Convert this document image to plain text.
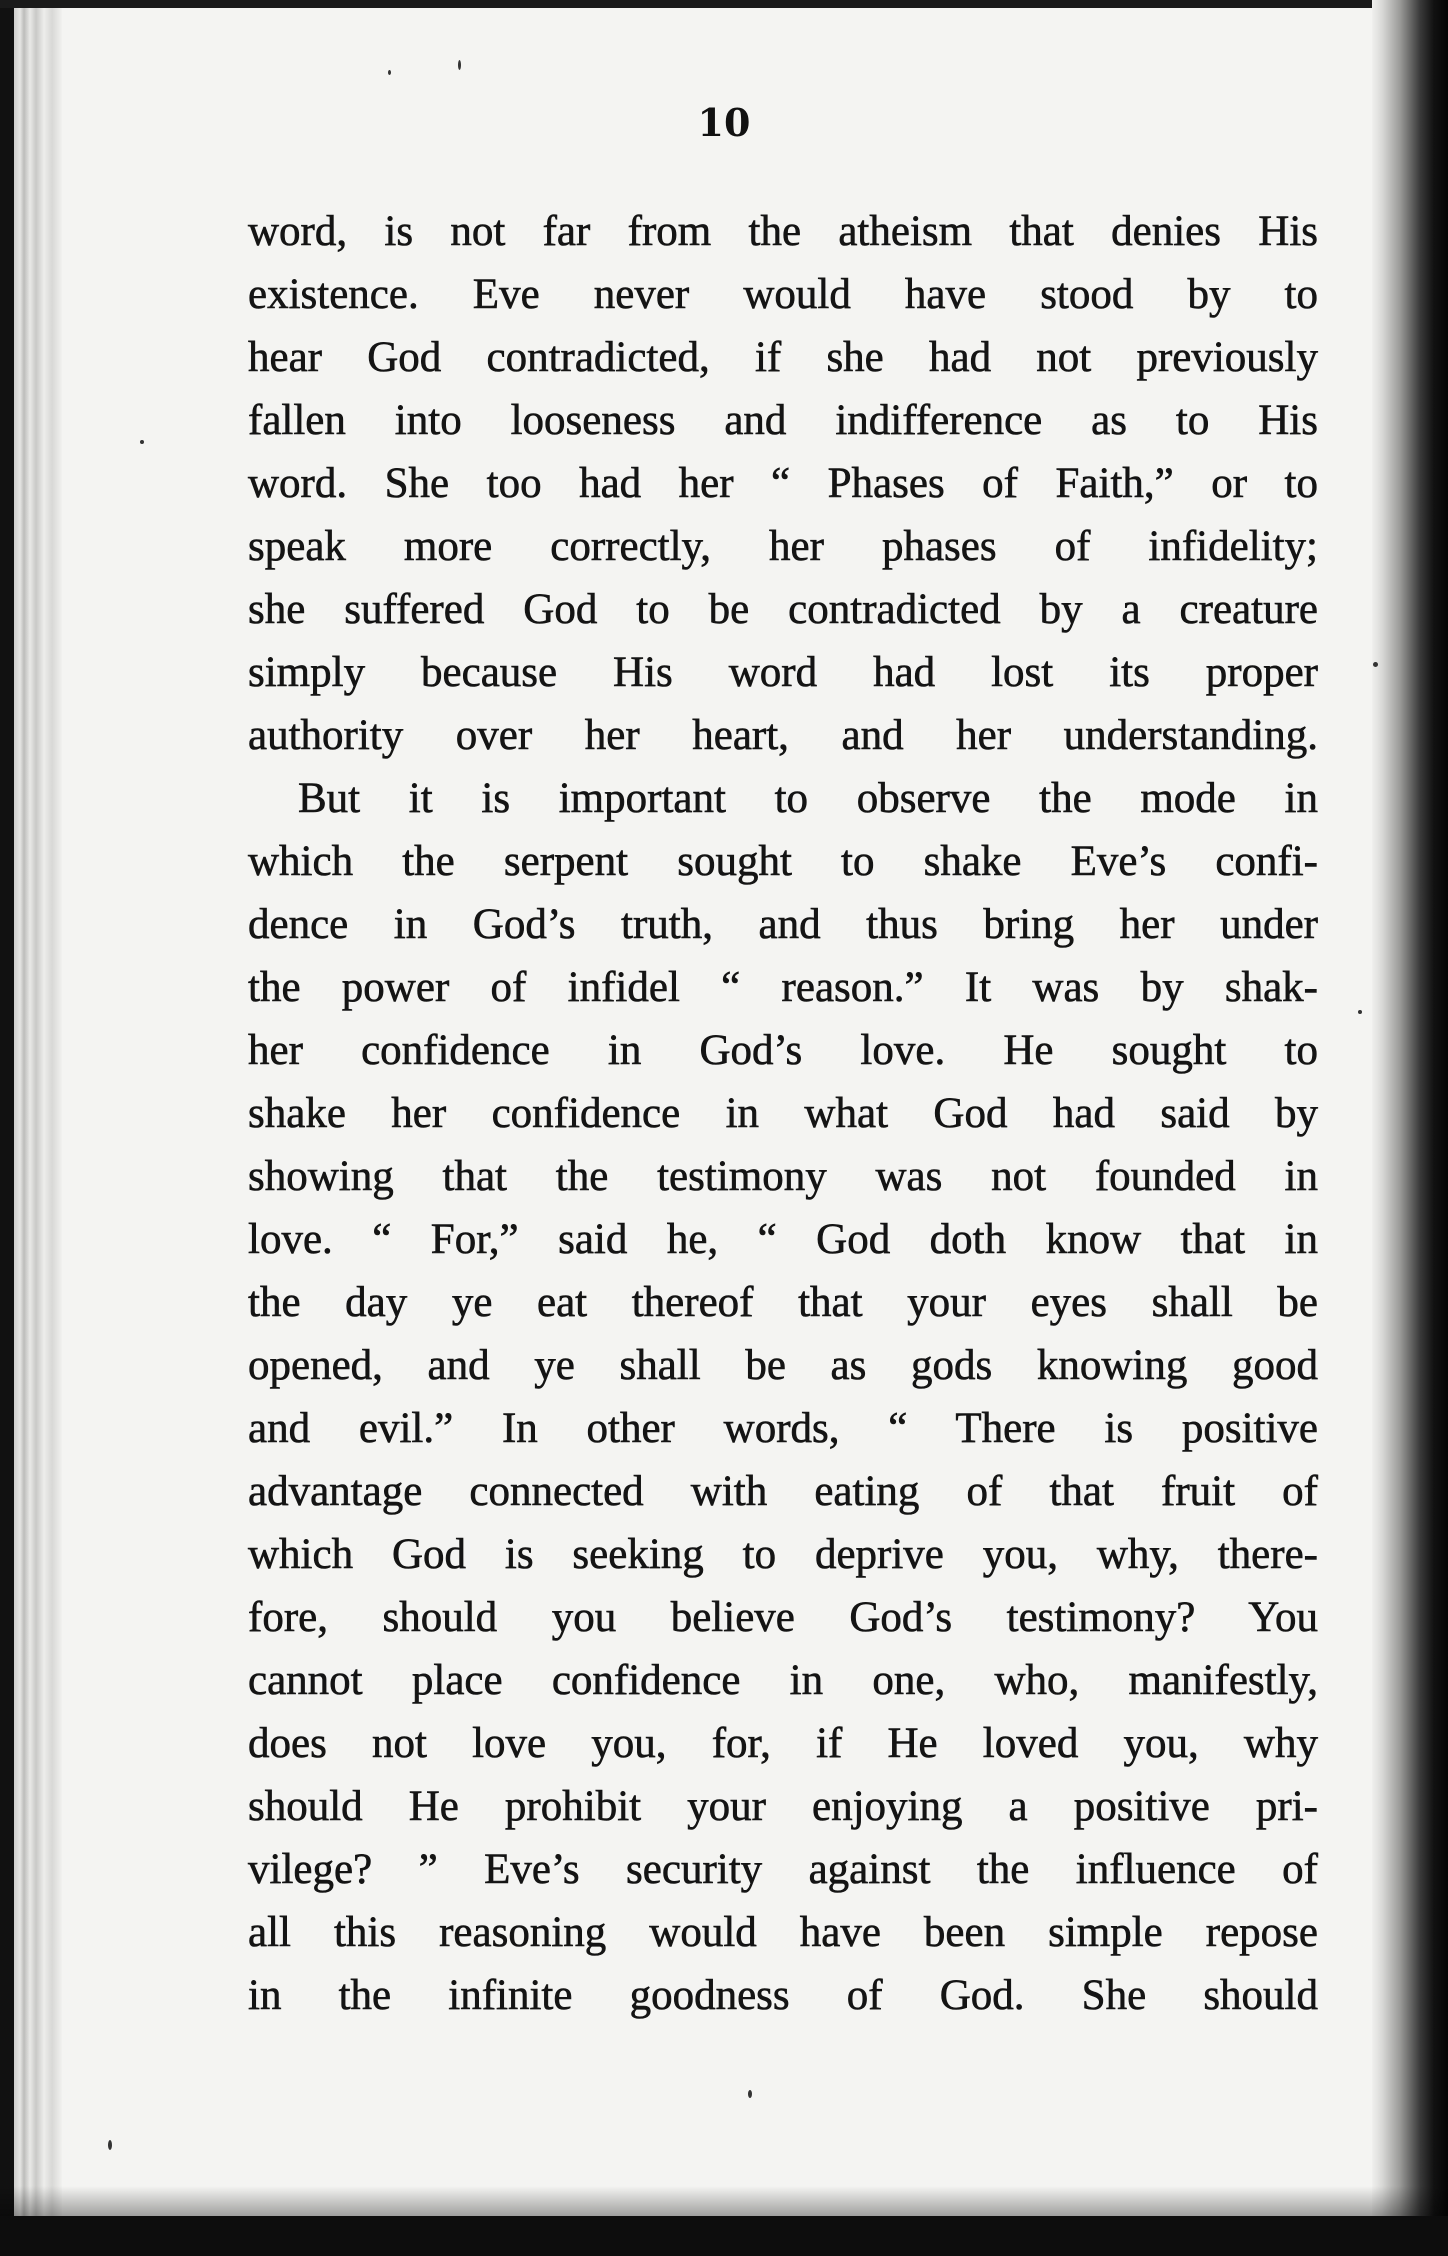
10
word, is not far from the atheism that denies His
existence. Eve never would have stood by to
hear God contradicted, if she had not previously
fallen into looseness and indifference as to His
word. She too had her “ Phases of Faith,” or to
speak more correctly, her phases of infidelity;
she suffered God to be contradicted by a creature
simply because His word had lost its proper
authority over her heart, and her understanding.
But it is important to observe the mode in
which the serpent sought to shake Eve’s confi-
dence in God’s truth, and thus bring her under
the power of infidel “ reason.” It was by shak-
her confidence in God’s love. He sought to
shake her confidence in what God had said by
showing that the testimony was not founded in
love. “ For,” said he, “ God doth know that in
the day ye eat thereof that your eyes shall be
opened, and ye shall be as gods knowing good
and evil.” In other words, “ There is positive
advantage connected with eating of that fruit of
which God is seeking to deprive you, why, there-
fore, should you believe God’s testimony? You
cannot place confidence in one, who, manifestly,
does not love you, for, if He loved you, why
should He prohibit your enjoying a positive pri-
vilege? ” Eve’s security against the influence of
all this reasoning would have been simple repose
in the infinite goodness of God. She should
